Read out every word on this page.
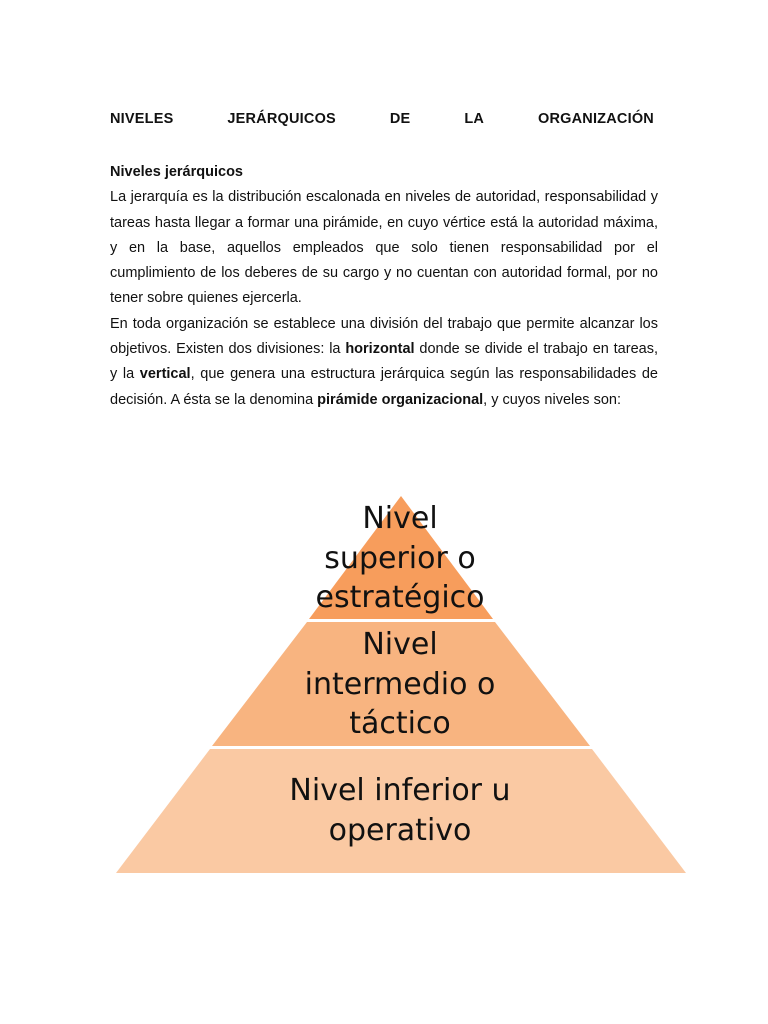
NIVELES	JERÁRQUICOS	DE	LA	ORGANIZACIÓN

Niveles jerárquicos

La jerarquía es la distribución escalonada en niveles de autoridad, responsabilidad y tareas hasta llegar a formar una pirámide, en cuyo vértice está la autoridad máxima, y en la base, aquellos empleados que solo tienen responsabilidad por el cumplimiento de los deberes de su cargo y no cuentan con autoridad formal, por no tener sobre quienes ejercerla.

En toda organización se establece una división del trabajo que permite alcanzar los objetivos. Existen dos divisiones: la horizontal donde se divide el trabajo en tareas, y la vertical, que genera una estructura jerárquica según las responsabilidades de decisión. A ésta se la denomina pirámide organizacional, y cuyos niveles son:

Nivel
superior o
estratégico
Nivel
intermedio o
táctico
Nivel inferior u
operativo
